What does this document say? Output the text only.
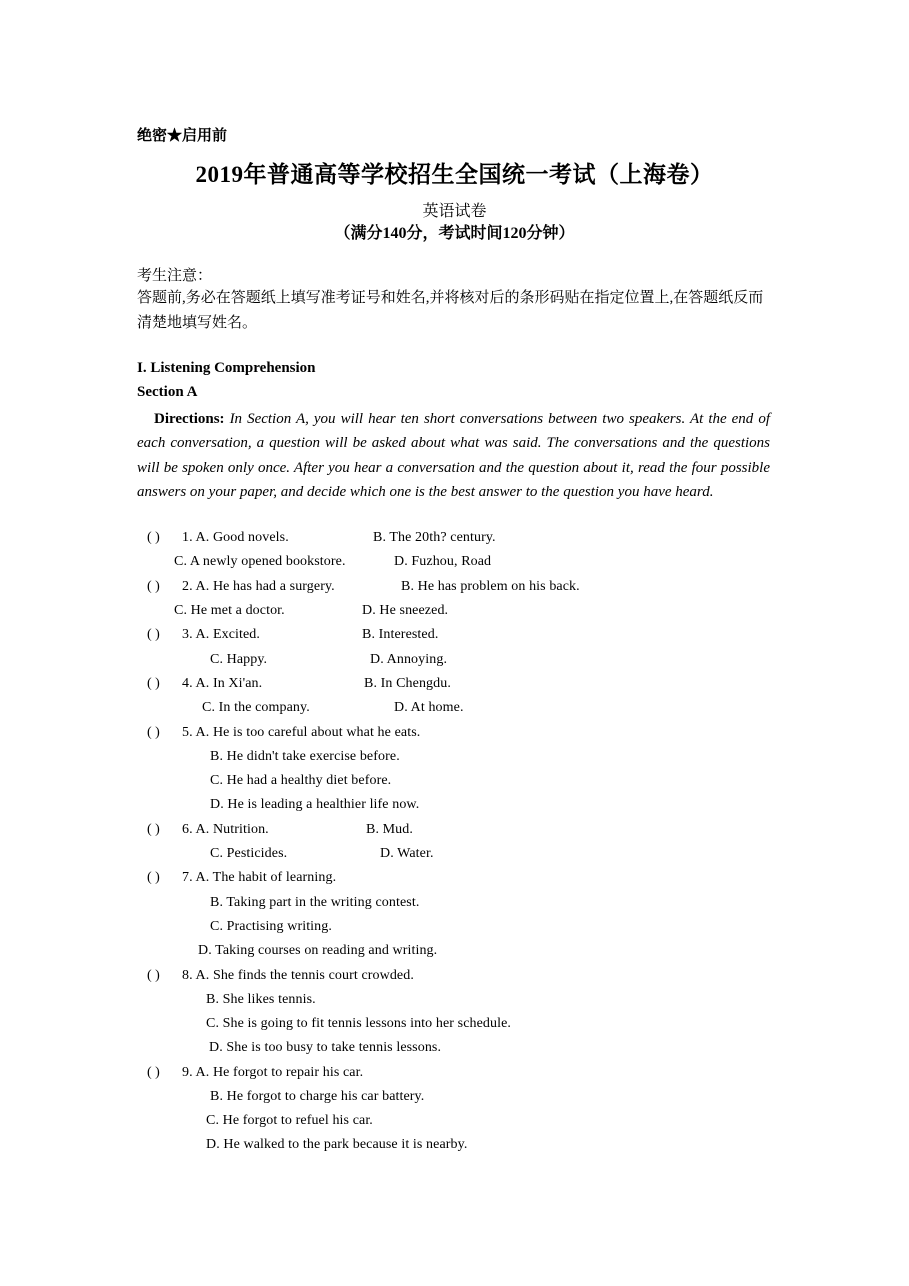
绝密★启用前
2019年普通高等学校招生全国统一考试（上海卷）
英语试卷
（满分140分，考试时间120分钟）
考生注意：
答题前,务必在答题纸上填写准考证号和姓名,并将核对后的条形码贴在指定位置上,在答题纸反而清楚地填写姓名。
I. Listening Comprehension
Section A
Directions: In Section A, you will hear ten short conversations between two speakers. At the end of each conversation, a question will be asked about what was said. The conversations and the questions will be spoken only once. After you hear a conversation and the question about it, read the four possible answers on your paper, and decide which one is the best answer to the question you have heard.
( ) 1. A. Good novels.	B. The 20th? century.
C. A newly opened bookstore.	D. Fuzhou, Road
( ) 2. A. He has had a surgery.	B. He has problem on his back.
C. He met a doctor.	D. He sneezed.
( ) 3. A. Excited.	B. Interested.
C. Happy.	D. Annoying.
( ) 4. A. In Xi'an.	B. In Chengdu.
C. In the company.	D. At home.
( ) 5. A. He is too careful about what he eats.
B. He didn't take exercise before.
C. He had a healthy diet before.
D. He is leading a healthier life now.
( ) 6. A. Nutrition.	B. Mud.
C. Pesticides.	D. Water.
( ) 7. A. The habit of learning.
B. Taking part in the writing contest.
C. Practising writing.
D. Taking courses on reading and writing.
( ) 8. A. She finds the tennis court crowded.
B. She likes tennis.
C. She is going to fit tennis lessons into her schedule.
D. She is too busy to take tennis lessons.
( ) 9. A. He forgot to repair his car.
B. He forgot to charge his car battery.
C. He forgot to refuel his car.
D. He walked to the park because it is nearby.
